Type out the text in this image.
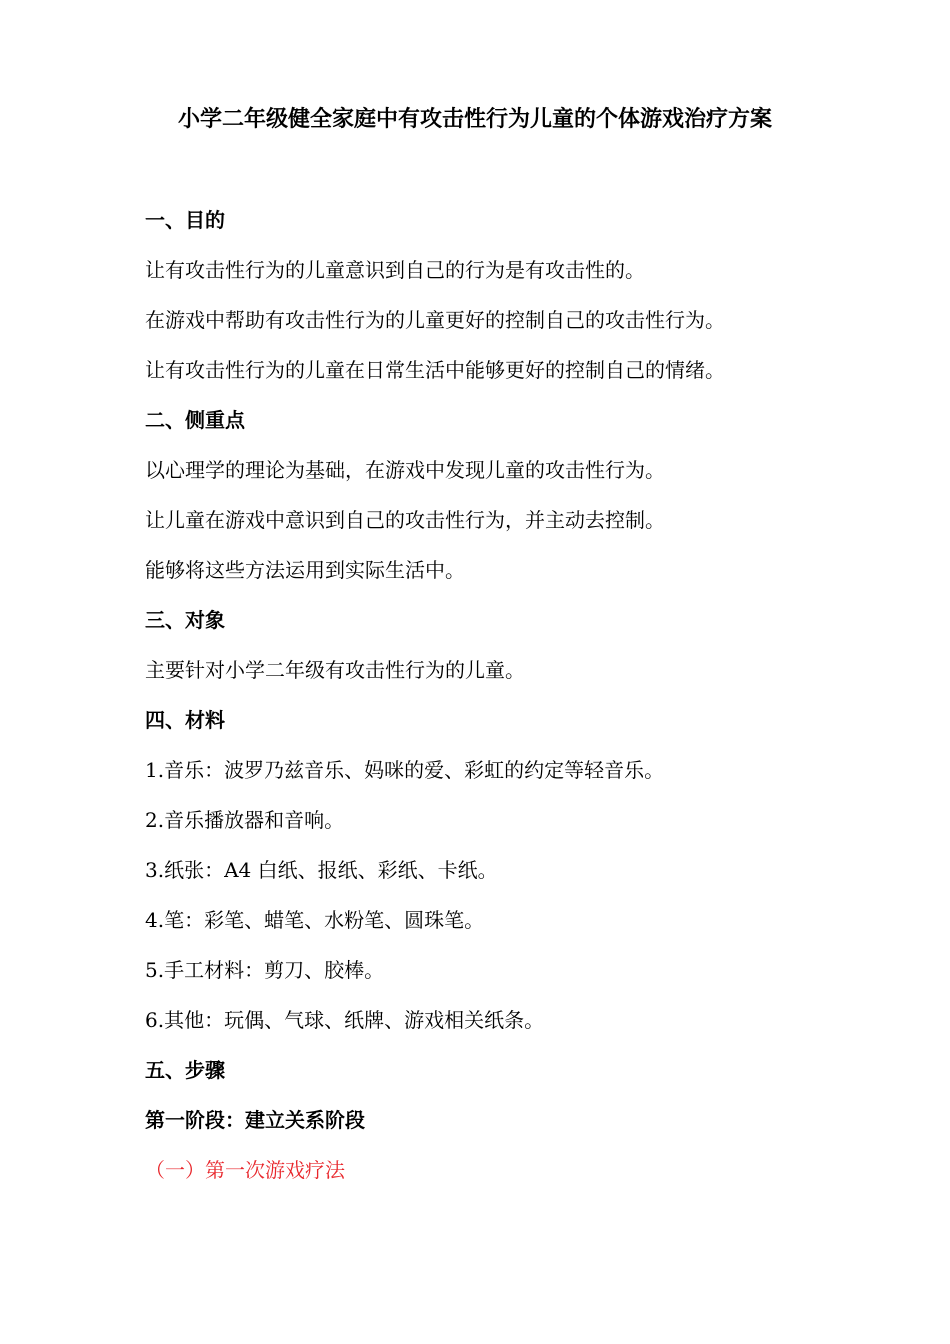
小学二年级健全家庭中有攻击性行为儿童的个体游戏治疗方案
一、目的
让有攻击性行为的儿童意识到自己的行为是有攻击性的。
在游戏中帮助有攻击性行为的儿童更好的控制自己的攻击性行为。
让有攻击性行为的儿童在日常生活中能够更好的控制自己的情绪。
二、侧重点
以心理学的理论为基础，在游戏中发现儿童的攻击性行为。
让儿童在游戏中意识到自己的攻击性行为，并主动去控制。
能够将这些方法运用到实际生活中。
三、对象
主要针对小学二年级有攻击性行为的儿童。
四、材料
1.音乐：波罗乃兹音乐、妈咪的爱、彩虹的约定等轻音乐。
2.音乐播放器和音响。
3.纸张：A4 白纸、报纸、彩纸、卡纸。
4.笔：彩笔、蜡笔、水粉笔、圆珠笔。
5.手工材料：剪刀、胶棒。
6.其他：玩偶、气球、纸牌、游戏相关纸条。
五、步骤
第一阶段：建立关系阶段
（一）第一次游戏疗法
